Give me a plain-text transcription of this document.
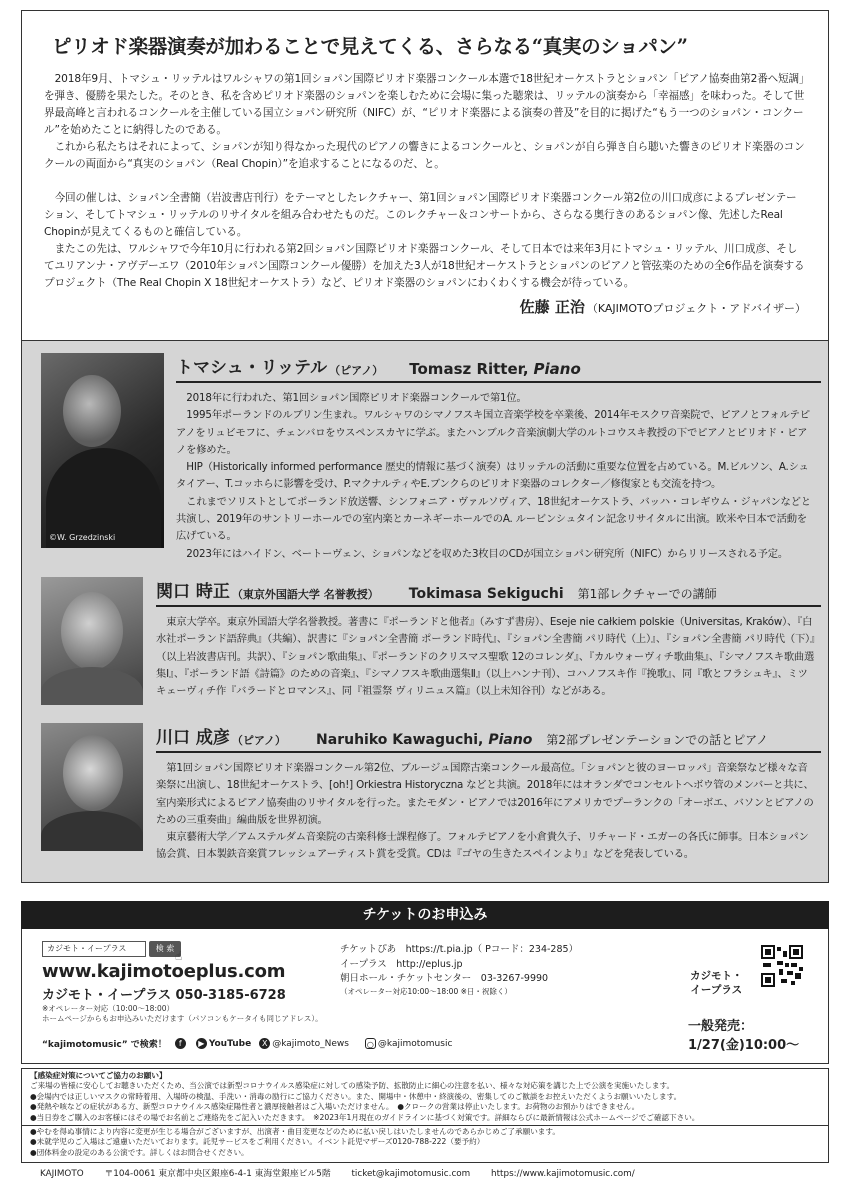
ピリオド楽器演奏が加わることで見えてくる、さらなる“真実のショパン”

2018年9月、トマシュ・リッテルはワルシャワの第1回ショパン国際ピリオド楽器コンクール本選で18世紀オーケストラとショパン「ピアノ協奏曲第2番ヘ短調」を弾き、優勝を果たした。そのとき、私を含めピリオド楽器のショパンを楽しむために会場に集った聴衆は、リッテルの演奏から「幸福感」を味わった。そして世界最高峰と言われるコンクールを主催している国立ショパン研究所（NIFC）が、“ピリオド楽器による演奏の普及”を目的に掲げた“もう一つのショパン・コンクール”を始めたことに納得したのである。

これから私たちはそれによって、ショパンが知り得なかった現代のピアノの響きによるコンクールと、ショパンが自ら弾き自ら聴いた響きのピリオド楽器のコンクールの両面から“真実のショパン（Real Chopin）”を追求することになるのだ、と。

今回の催しは、ショパン全書簡（岩波書店刊行）をテーマとしたレクチャー、第1回ショパン国際ピリオド楽器コンクール第2位の川口成彦によるプレゼンテーション、そしてトマシュ・リッテルのリサイタルを組み合わせたものだ。このレクチャー＆コンサートから、さらなる奥行きのあるショパン像、先述したReal Chopinが見えてくるものと確信している。

またこの先は、ワルシャワで今年10月に行われる第2回ショパン国際ピリオド楽器コンクール、そして日本では来年3月にトマシュ・リッテル、川口成彦、そしてユリアンナ・アヴデーエワ（2010年ショパン国際コンクール優勝）を加えた3人が18世紀オーケストラとショパンのピアノと管弦楽のための全6作品を演奏するプロジェクト（The Real Chopin X 18世紀オーケストラ）など、ピリオド楽器のショパンにわくわくする機会が待っている。

佐藤 正治 （KAJIMOTOプロジェクト・アドバイザー）
©W. Grzedzinski
トマシュ・リッテル （ピアノ） Tomasz Ritter, Piano

2018年に行われた、第1回ショパン国際ピリオド楽器コンクールで第1位。

1995年ポーランドのルブリン生まれ。ワルシャワのシマノフスキ国立音楽学校を卒業後、2014年モスクワ音楽院で、ピアノとフォルテピアノをリュビモフに、チェンバロをウスペンスカヤに学ぶ。またハンブルク音楽演劇大学のルトコウスキ教授の下でピアノとピリオド・ピアノを修めた。

HIP（Historically informed performance 歴史的情報に基づく演奏）はリッテルの活動に重要な位置を占めている。M.ビルソン、A.シュタイアー、T.コッホらに影響を受け、P.マクナルティやE.ブンクらのピリオド楽器のコレクター／修復家とも交流を持つ。

これまでソリストとしてポーランド放送響、シンフォニア・ヴァルソヴィア、18世紀オーケストラ、バッハ・コレギウム・ジャパンなどと共演し、2019年のサントリーホールでの室内楽とカーネギーホールでのA. ルービンシュタイン記念リサイタルに出演。欧米や日本で活動を広げている。

2023年にはハイドン、ベートーヴェン、ショパンなどを収めた3枚目のCDが国立ショパン研究所（NIFC）からリリースされる予定。

関口 時正 （東京外国語大学 名誉教授） Tokimasa Sekiguchi 第1部レクチャーでの講師

東京大学卒。東京外国語大学名誉教授。著書に『ポーランドと他者』（みすず書房）、Eseje nie całkiem polskie（Universitas, Kraków）、『白水社ポーランド語辞典』（共編）、訳書に『ショパン全書簡 ポーランド時代』、『ショパン全書簡 パリ時代（上）』、『ショパン全書簡 パリ時代（下）』（以上岩波書店刊。共訳）、『ショパン歌曲集』、『ポーランドのクリスマス聖歌 12のコレンダ』、『カルウォーヴィチ歌曲集』、『シマノフスキ歌曲選集Ⅰ』、『ポーランド語《詩篇》のための音楽』、『シマノフスキ歌曲選集Ⅱ』（以上ハンナ刊）、コハノフスキ作『挽歌』、同『歌とフラシュキ』、ミツキェーヴィチ作『バラードとロマンス』、同『祖霊祭 ヴィリニュス篇』（以上未知谷刊）などがある。

川口 成彦 （ピアノ） Naruhiko Kawaguchi, Piano 第2部プレゼンテーションでの話とピアノ

第1回ショパン国際ピリオド楽器コンクール第2位、ブルージュ国際古楽コンクール最高位。「ショパンと彼のヨーロッパ」音楽祭など様々な音楽祭に出演し、18世紀オーケストラ、[oh!] Orkiestra Historyczna などと共演。2018年にはオランダでコンセルトヘボウ管のメンバーと共に、室内楽形式によるピアノ協奏曲のリサイタルを行った。またモダン・ピアノでは2016年にアメリカでプーランクの「オーボエ、バソンとピアノのための三重奏曲」編曲版を世界初演。

東京藝術大学／アムステルダム音楽院の古楽科修士課程修了。フォルテピアノを小倉貴久子、リチャード・エガーの各氏に師事。日本ショパン協会賞、日本製鉄音楽賞フレッシュアーティスト賞を受賞。CDは『ゴヤの生きたスペインより』などを発表している。

チケットのお申込み
カジモト・イープラス	検 索
☝
www.kajimotoeplus.com
カジモト・イープラス 050-3185-6728
※オペレーター対応（10:00〜18:00）
ホームページからもお申込みいただけます（パソコンもケータイも同じアドレス）。
“kajimotomusic” で検索！	f	▶ YouTube	X @kajimoto_News ○ @kajimotomusic
チケットぴあ　https://t.pia.jp（ Pコード：234-285）
イープラス　http://eplus.jp
朝日ホール・チケットセンター　03-3267-9990
（オペレーター対応10:00〜18:00 ※日・祝除く）
カジモト・
イープラス
一般発売：
1/27(金)10:00〜
【感染症対策についてご協力のお願い】
ご来場の皆様に安心してお聴きいただくため、当公演では新型コロナウイルス感染症に対しての感染予防、拡散防止に細心の注意を払い、様々な対応策を講じた上で公演を実施いたします。
●会場内では正しいマスクの常時着用、入場時の検温、手洗い・消毒の励行にご協力ください。また、開場中・休憩中・終演後の、密集してのご歓談をお控えいただくようお願いいたします。
●発熱や咳などの症状がある方、新型コロナウイルス感染症陽性者と濃厚接触者はご入場いただけません。　●クロークの営業は停止いたします。お荷物のお預かりはできません。
●当日券をご購入のお客様にはその場でお名前とご連絡先をご記入いただきます。　※2023年1月現在のガイドラインに基づく対策です。詳細ならびに最新情報は公式ホームページでご確認下さい。
●やむを得ぬ事情により内容に変更が生じる場合がございますが、出演者・曲目変更などのために払い戻しはいたしませんのであらかじめご了承願います。
●未就学児のご入場はご遠慮いただいております。託児サービスをご利用ください。イベント託児マザーズ0120-788-222（要予約）
●団体料金の設定のある公演です。詳しくはお問合せください。
KAJIMOTO 〒104-0061 東京都中央区銀座6-4-1 東海堂銀座ビル5階 ticket@kajimotomusic.com https://www.kajimotomusic.com/
